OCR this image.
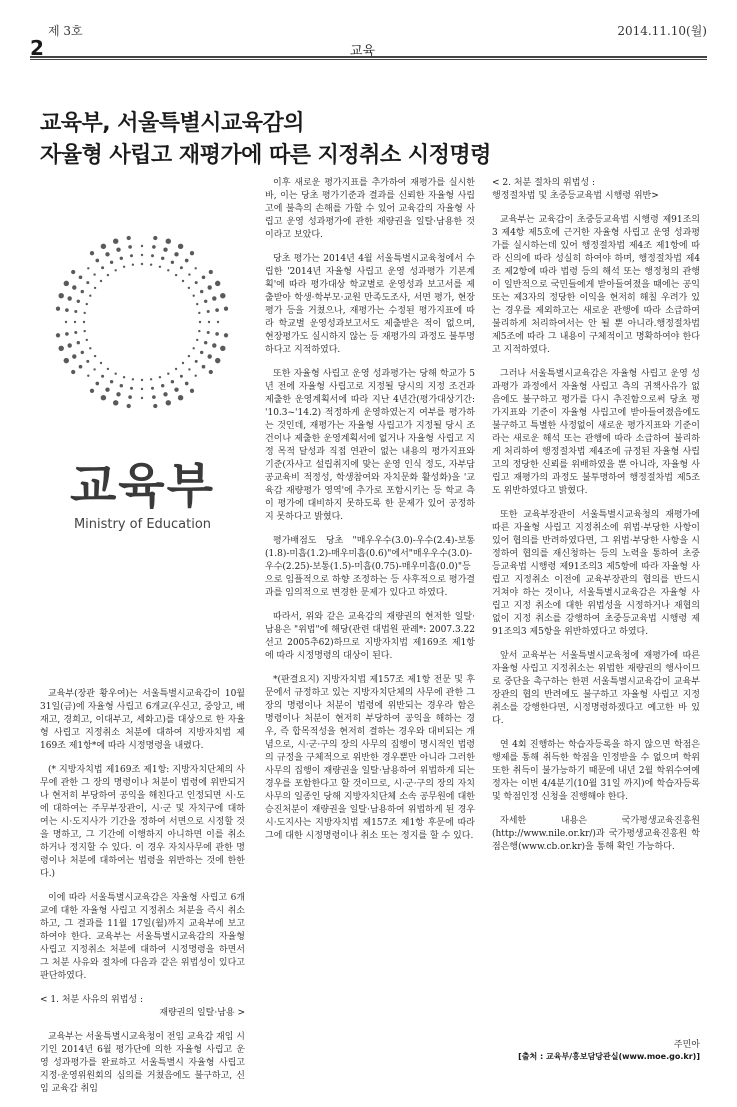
2
제 3호	2014.11.10(월)
교육
교육부, 서울특별시교육감의
자율형 사립고 재평가에 따른 지정취소 시정명령
교육부
Ministry of Education

교육부(장관 황우여)는 서울특별시교육감이 10월 31일(금)에 자율형 사립고 6개교(우신고, 중앙고, 배재고, 경희고, 이대부고, 세화고)를 대상으로 한 자율형 사립고 지정취소 처분에 대하여 지방자치법 제169조 제1항*에 따라 시정명령을 내렸다.

(* 지방자치법 제169조 제1항: 지방자치단체의 사무에 관한 그 장의 명령이나 처분이 법령에 위반되거나 현저히 부당하여 공익을 해친다고 인정되면 시·도에 대하여는 주무부장관이, 시·군 및 자치구에 대하여는 시·도지사가 기간을 정하여 서면으로 시정할 것을 명하고, 그 기간에 이행하지 아니하면 이를 취소하거나 정지할 수 있다. 이 경우 자치사무에 관한 명령이나 처분에 대하여는 법령을 위반하는 것에 한한다.)

이에 따라 서울특별시교육감은 자율형 사립고 6개교에 대한 자율형 사립고 지정취소 처분을 즉시 취소하고, 그 결과를 11월 17일(월)까지 교육부에 보고하여야 한다. 교육부는 서울특별시교육감의 자율형 사립고 지정취소 처분에 대하여 시정명령을 하면서 그 처분 사유와 절차에 다음과 같은 위법성이 있다고 판단하였다.

< 1. 처분 사유의 위법성 :

재량권의 일탈·남용 >

교육부는 서울특별시교육청이 전임 교육감 재임 시기인 2014년 6월 평가단에 의한 자율형 사립고 운영 성과평가를 완료하고 서울특별시 자율형 사립고 지정·운영위원회의 심의를 거쳤음에도 불구하고, 신임 교육감 취임

이후 새로운 평가지표를 추가하여 재평가를 실시한 바, 이는 당초 평가기준과 결과를 신뢰한 자율형 사립고에 불측의 손해를 가할 수 있어 교육감의 자율형 사립고 운영 성과평가에 관한 재량권을 일탈·남용한 것이라고 보았다.

당초 평가는 2014년 4월 서울특별시교육청에서 수립한 '2014년 자율형 사립고 운영 성과평가 기본계획'에 따라 평가대상 학교별로 운영성과 보고서를 제출받아 학생·학부모·교원 만족도조사, 서면 평가, 현장 평가 등을 거쳤으나, 재평가는 수정된 평가지표에 따라 학교별 운영성과보고서도 제출받은 적이 없으며, 현장평가도 실시하지 않는 등 재평가의 과정도 불투명하다고 지적하였다.

또한 자율형 사립고 운영 성과평가는 당해 학교가 5년 전에 자율형 사립고로 지정될 당시의 지정 조건과 제출한 운영계획서에 따라 지난 4년간(평가대상기간: '10.3~'14.2) 적정하게 운영하였는지 여부를 평가하는 것인데, 재평가는 자율형 사립고가 지정될 당시 조건이나 제출한 운영계획서에 없거나 자율형 사립고 지정 목적 달성과 직접 연관이 없는 내용의 평가지표와 기준(자사고 설립취지에 맞는 운영 인식 정도, 자부담 공교육비 적정성, 학생참여와 자치문화 활성화)을 '교육감 재량평가 영역'에 추가로 포함시키는 등 학교 측이 평가에 대비하지 못하도록 한 문제가 있어 공정하지 못하다고 밝혔다.

평가배점도 당초 "매우우수(3.0)-우수(2.4)-보통(1.8)-미흡(1.2)-매우미흡(0.6)"에서"매우우수(3.0)-우수(2.25)-보통(1.5)-미흡(0.75)-매우미흡(0.0)"등으로 임플적으로 하향 조정하는 등 사후적으로 평가결과를 임의적으로 변경한 문제가 있다고 하였다.

따라서, 위와 같은 교육감의 재량권의 현저한 일탈·남용은 "위법"에 해당(관련 대법원 판례*: 2007.3.22 선고 2005추62)하므로 지방자치법 제169조 제1항에 따라 시정명령의 대상이 된다.

*(판결요지) 지방자치법 제157조 제1항 전문 및 후문에서 규정하고 있는 지방자치단체의 사무에 관한 그 장의 명령이나 처분이 법령에 위반되는 경우라 함은 명령이나 처분이 현저히 부당하여 공익을 해하는 경우, 즉 합목적성을 현저히 결하는 경우와 대비되는 개념으로, 시·군·구의 장의 사무의 집행이 명시적인 법령의 규정을 구체적으로 위반한 경우뿐만 아니라 그러한 사무의 집행이 재량권을 일탈·남용하여 위법하게 되는 경우를 포함한다고 할 것이므로, 시·군·구의 장의 자치사무의 일종인 당해 지방자치단체 소속 공무원에 대한 승진처분이 재량권을 일탈·남용하여 위법하게 된 경우 시·도지사는 지방자치법 제157조 제1항 후문에 따라 그에 대한 시정명령이나 취소 또는 정지를 할 수 있다.

< 2. 처분 절차의 위법성 :

행정절차법 및 초중등교육법 시행령 위반>

교육부는 교육감이 초중등교육법 시행령 제91조의3 제4항 제5호에 근거한 자율형 사립고 운영 성과평가를 실시하는데 있어 행정절차법 제4조 제1항에 따라 신의에 따라 성실히 하여야 하며, 행정절차법 제4조 제2항에 따라 법령 등의 해석 또는 행정청의 관행이 일반적으로 국민들에게 받아들여졌을 때에는 공익 또는 제3자의 정당한 이익을 현저히 해칠 우려가 있는 경우를 제외하고는 새로운 관행에 따라 소급하여 불리하게 처리하여서는 안 될 뿐 아니라.행정절차법 제5조에 따라 그 내용이 구체적이고 명확하여야 한다고 지적하였다.

그러나 서울특별시교육감은 자율형 사립고 운영 성과평가 과정에서 자율형 사립고 측의 귀책사유가 없음에도 불구하고 평가를 다시 추진함으로써 당초 평가지표와 기준이 자율형 사립고에 받아들여졌음에도 불구하고 특별한 사정없이 새로운 평가지표와 기준이라는 새로운 해석 또는 관행에 따라 소급하여 불리하게 처리하여 행정절차법 제4조에 규정된 자율형 사립고의 정당한 신뢰를 위배하였을 뿐 아니라, 자율형 사립고 재평가의 과정도 불투명하여 행정절차법 제5조도 위반하였다고 밝혔다.

또한 교육부장관이 서울특별시교육청의 재평가에 따른 자율형 사립고 지정취소에 위법·부당한 사항이 있어 협의를 반려하였다면, 그 위법·부당한 사항을 시정하여 협의를 재신청하는 등의 노력을 통하여 초중등교육법 시행령 제91조의3 제5항에 따라 자율형 사립고 지정취소 이전에 교육부장관의 협의를 반드시 거쳐야 하는 것이나, 서울특별시교육감은 자율형 사립고 지정 취소에 대한 위법성을 시정하거나 재협의 없이 지정 취소를 강행하여 초중등교육법 시행령 제91조의3 제5항을 위반하였다고 하였다.

앞서 교육부는 서울특별시교육청에 재평가에 따른 자율형 사립고 지정취소는 위법한 재량권의 행사이므로 중단을 촉구하는 한편 서울특별시교육감이 교육부장관의 협의 반려에도 불구하고 자율형 사립고 지정 취소를 강행한다면, 시정명령하겠다고 예고한 바 있다.

연 4회 진행하는 학습자등록을 하지 않으면 학점은행제를 통해 취득한 학점을 인정받을 수 없으며 학위 또한 취득이 불가능하기 때문에 내년 2월 학위수여예정자는 이번 4/4분기(10월 31일 까지)에 학습자등록 및 학점인정 신청을 진행해야 한다.

자세한 내용은 국가평생교육진흥원(http://www.nile.or.kr/)과 국가평생교육진흥원 학점은행(www.cb.or.kr)을 통해 확인 가능하다.

주민아
[출처 : 교육부/홍보담당관실(www.moe.go.kr)]
